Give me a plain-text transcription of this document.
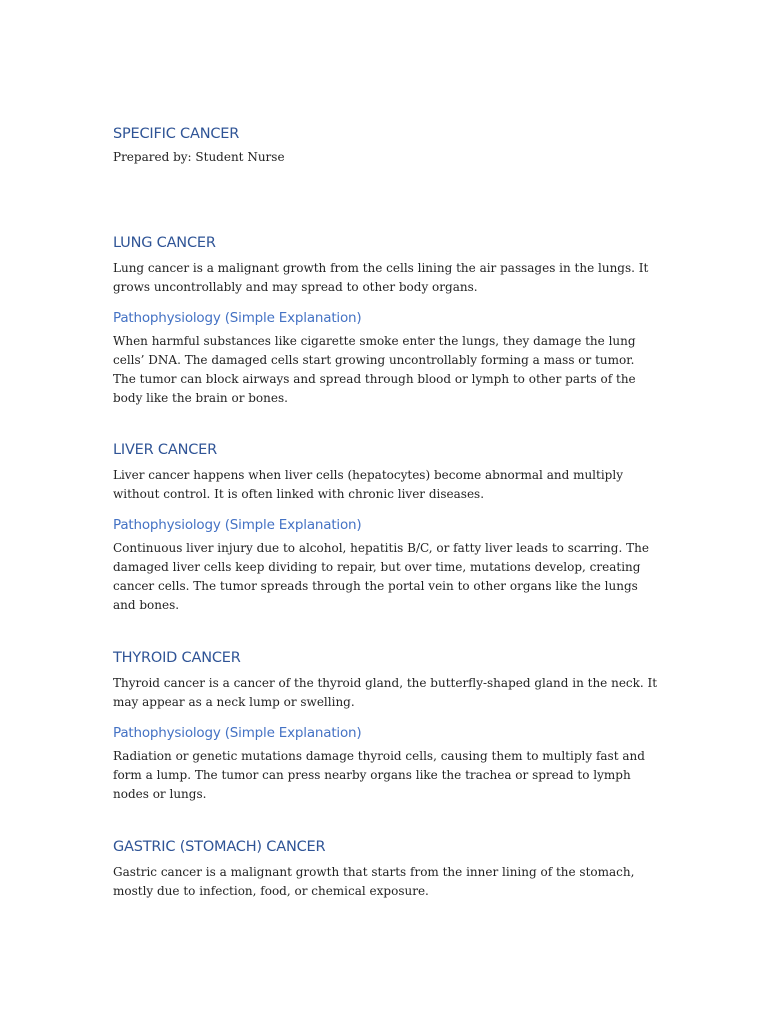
SPECIFIC CANCER

Prepared by: Student Nurse

LUNG CANCER

Lung cancer is a malignant growth from the cells lining the air passages in the lungs. It grows uncontrollably and may spread to other body organs.

Pathophysiology (Simple Explanation)

When harmful substances like cigarette smoke enter the lungs, they damage the lung cells’ DNA. The damaged cells start growing uncontrollably forming a mass or tumor. The tumor can block airways and spread through blood or lymph to other parts of the body like the brain or bones.

LIVER CANCER

Liver cancer happens when liver cells (hepatocytes) become abnormal and multiply without control. It is often linked with chronic liver diseases.

Pathophysiology (Simple Explanation)

Continuous liver injury due to alcohol, hepatitis B/C, or fatty liver leads to scarring. The damaged liver cells keep dividing to repair, but over time, mutations develop, creating cancer cells. The tumor spreads through the portal vein to other organs like the lungs and bones.

THYROID CANCER

Thyroid cancer is a cancer of the thyroid gland, the butterfly-shaped gland in the neck. It may appear as a neck lump or swelling.

Pathophysiology (Simple Explanation)

Radiation or genetic mutations damage thyroid cells, causing them to multiply fast and form a lump. The tumor can press nearby organs like the trachea or spread to lymph nodes or lungs.

GASTRIC (STOMACH) CANCER

Gastric cancer is a malignant growth that starts from the inner lining of the stomach, mostly due to infection, food, or chemical exposure.
